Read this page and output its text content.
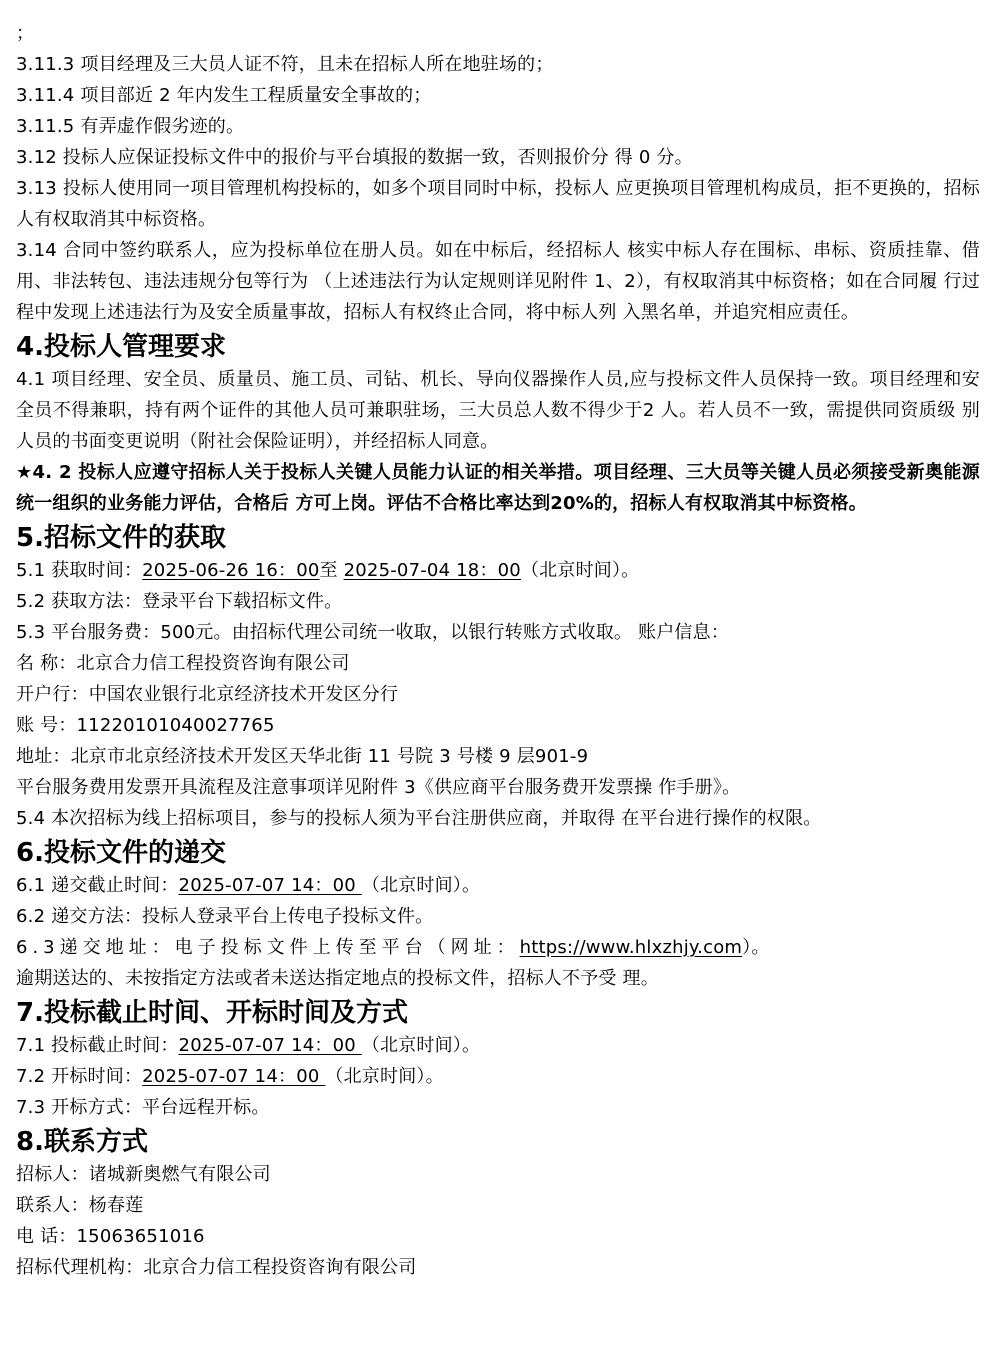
；

3.11.3 项目经理及三大员人证不符，且未在招标人所在地驻场的；

3.11.4 项目部近 2 年内发生工程质量安全事故的；

3.11.5 有弄虚作假劣迹的。

3.12 投标人应保证投标文件中的报价与平台填报的数据一致，否则报价分 得 0 分。

3.13 投标人使用同一项目管理机构投标的，如多个项目同时中标，投标人 应更换项目管理机构成员，拒不更换的，招标人有权取消其中标资格。

3.14 合同中签约联系人，应为投标单位在册人员。如在中标后，经招标人 核实中标人存在围标、串标、资质挂靠、借用、非法转包、违法违规分包等行为 （上述违法行为认定规则详见附件 1、2），有权取消其中标资格；如在合同履 行过程中发现上述违法行为及安全质量事故，招标人有权终止合同，将中标人列 入黑名单，并追究相应责任。

4.投标人管理要求

4.1 项目经理、安全员、质量员、施工员、司钻、机长、导向仪器操作人员,应与投标文件人员保持一致。项目经理和安全员不得兼职，持有两个证件的其他人员可兼职驻场，三大员总人数不得少于2 人。若人员不一致，需提供同资质级 别人员的书面变更说明（附社会保险证明），并经招标人同意。

★4. 2 投标人应遵守招标人关于投标人关键人员能力认证的相关举措。项目经理、三大员等关键人员必须接受新奥能源统一组织的业务能力评估，合格后 方可上岗。评估不合格比率达到20%的，招标人有权取消其中标资格。

5.招标文件的获取

5.1 获取时间：2025-06-26 16：00至 2025-07-04 18：00（北京时间）。

5.2 获取方法：登录平台下载招标文件。

5.3 平台服务费：500元。由招标代理公司统一收取，以银行转账方式收取。 账户信息：

名 称：北京合力信工程投资咨询有限公司

开户行：中国农业银行北京经济技术开发区分行

账 号：11220101040027765

地址：北京市北京经济技术开发区天华北街 11 号院 3 号楼 9 层901-9

平台服务费用发票开具流程及注意事项详见附件 3《供应商平台服务费开发票操 作手册》。

5.4 本次招标为线上招标项目，参与的投标人须为平台注册供应商，并取得 在平台进行操作的权限。

6.投标文件的递交

6.1 递交截止时间：2025-07-07 14：00 （北京时间）。

6.2 递交方法：投标人登录平台上传电子投标文件。

6.3递交地址：电子投标文件上传至平台（网址：https://www.hlxzhjy.com）。

逾期送达的、未按指定方法或者未送达指定地点的投标文件，招标人不予受 理。

7.投标截止时间、开标时间及方式

7.1 投标截止时间：2025-07-07 14：00 （北京时间）。

7.2 开标时间：2025-07-07 14：00 （北京时间）。

7.3 开标方式：平台远程开标。

8.联系方式

招标人：诸城新奥燃气有限公司

联系人：杨春莲

电 话：15063651016

招标代理机构：北京合力信工程投资咨询有限公司
